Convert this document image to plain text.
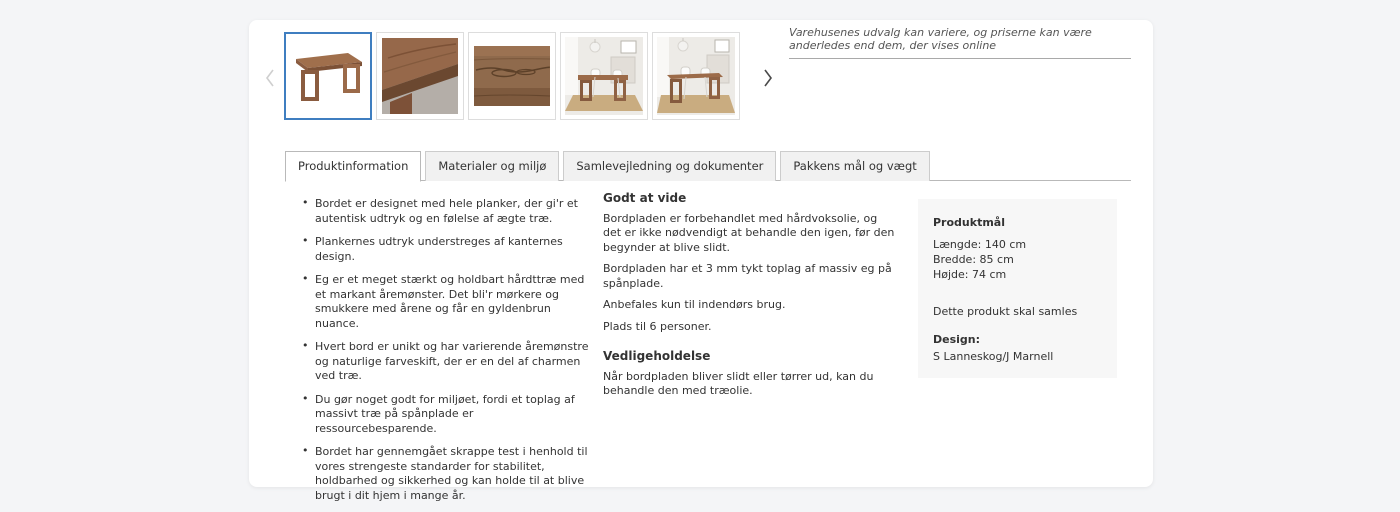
Varehusenes udvalg kan variere, og priserne kan være anderledes end dem, der vises online
Produktinformation	Materialer og miljø	Samlevejledning og dokumenter	Pakkens mål og vægt
• Bordet er designet med hele planker, der gi'r et autentisk udtryk og en følelse af ægte træ.
• Plankernes udtryk understreges af kanternes design.
• Eg er et meget stærkt og holdbart hårdttræ med et markant åremønster. Det bli'r mørkere og smukkere med årene og får en gyldenbrun nuance.
• Hvert bord er unikt og har varierende åremønstre og naturlige farveskift, der er en del af charmen ved træ.
• Du gør noget godt for miljøet, fordi et toplag af massivt træ på spånplade er ressourcebesparende.
• Bordet har gennemgået skrappe test i henhold til vores strengeste standarder for stabilitet, holdbarhed og sikkerhed og kan holde til at blive brugt i dit hjem i mange år.
Godt at vide

Bordpladen er forbehandlet med hårdvoksolie, og det er ikke nødvendigt at behandle den igen, før den begynder at blive slidt.

Bordpladen har et 3 mm tykt toplag af massiv eg på spånplade.

Anbefales kun til indendørs brug.

Plads til 6 personer.

Vedligeholdelse

Når bordpladen bliver slidt eller tørrer ud, kan du behandle den med træolie.

Produktmål

Længde: 140 cm

Bredde: 85 cm

Højde: 74 cm

Dette produkt skal samles

Design:

S Lanneskog/J Marnell
